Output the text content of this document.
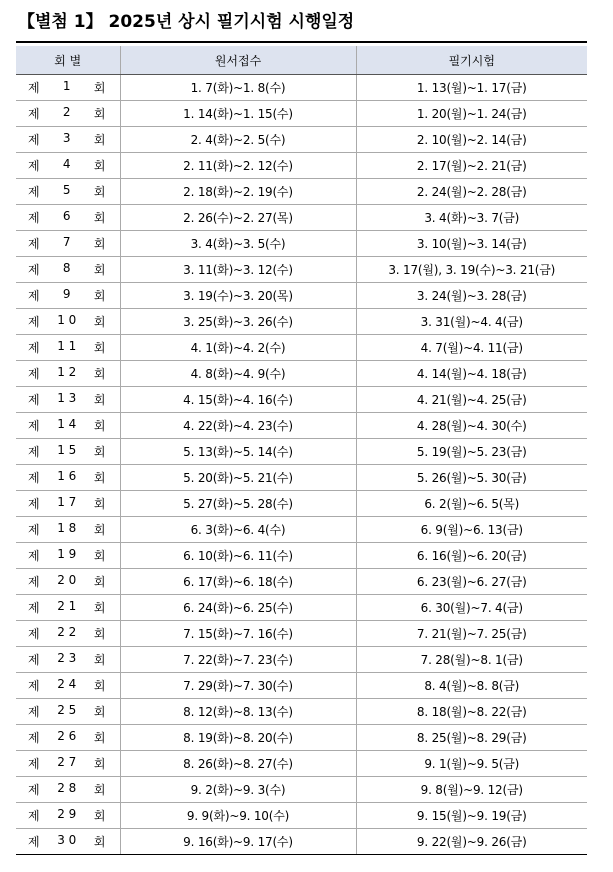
【별첨 1】 2025년 상시 필기시험 시행일정
회 별	원서접수	필기시험

제 1 회	1. 7(화)~1. 8(수)	1. 13(월)~1. 17(금)

제 2 회	1. 14(화)~1. 15(수)	1. 20(월)~1. 24(금)

제 3 회	2. 4(화)~2. 5(수)	2. 10(월)~2. 14(금)

제 4 회	2. 11(화)~2. 12(수)	2. 17(월)~2. 21(금)

제 5 회	2. 18(화)~2. 19(수)	2. 24(월)~2. 28(금)

제 6 회	2. 26(수)~2. 27(목)	3. 4(화)~3. 7(금)

제 7 회	3. 4(화)~3. 5(수)	3. 10(월)~3. 14(금)

제 8 회	3. 11(화)~3. 12(수)	3. 17(월), 3. 19(수)~3. 21(금)

제 9 회	3. 19(수)~3. 20(목)	3. 24(월)~3. 28(금)

제 1 0 회	3. 25(화)~3. 26(수)	3. 31(월)~4. 4(금)

제 1 1 회	4. 1(화)~4. 2(수)	4. 7(월)~4. 11(금)

제 1 2 회	4. 8(화)~4. 9(수)	4. 14(월)~4. 18(금)

제 1 3 회	4. 15(화)~4. 16(수)	4. 21(월)~4. 25(금)

제 1 4 회	4. 22(화)~4. 23(수)	4. 28(월)~4. 30(수)

제 1 5 회	5. 13(화)~5. 14(수)	5. 19(월)~5. 23(금)

제 1 6 회	5. 20(화)~5. 21(수)	5. 26(월)~5. 30(금)

제 1 7 회	5. 27(화)~5. 28(수)	6. 2(월)~6. 5(목)

제 1 8 회	6. 3(화)~6. 4(수)	6. 9(월)~6. 13(금)

제 1 9 회	6. 10(화)~6. 11(수)	6. 16(월)~6. 20(금)

제 2 0 회	6. 17(화)~6. 18(수)	6. 23(월)~6. 27(금)

제 2 1 회	6. 24(화)~6. 25(수)	6. 30(월)~7. 4(금)

제 2 2 회	7. 15(화)~7. 16(수)	7. 21(월)~7. 25(금)

제 2 3 회	7. 22(화)~7. 23(수)	7. 28(월)~8. 1(금)

제 2 4 회	7. 29(화)~7. 30(수)	8. 4(월)~8. 8(금)

제 2 5 회	8. 12(화)~8. 13(수)	8. 18(월)~8. 22(금)

제 2 6 회	8. 19(화)~8. 20(수)	8. 25(월)~8. 29(금)

제 2 7 회	8. 26(화)~8. 27(수)	9. 1(월)~9. 5(금)

제 2 8 회	9. 2(화)~9. 3(수)	9. 8(월)~9. 12(금)

제 2 9 회	9. 9(화)~9. 10(수)	9. 15(월)~9. 19(금)

제 3 0 회	9. 16(화)~9. 17(수)	9. 22(월)~9. 26(금)
